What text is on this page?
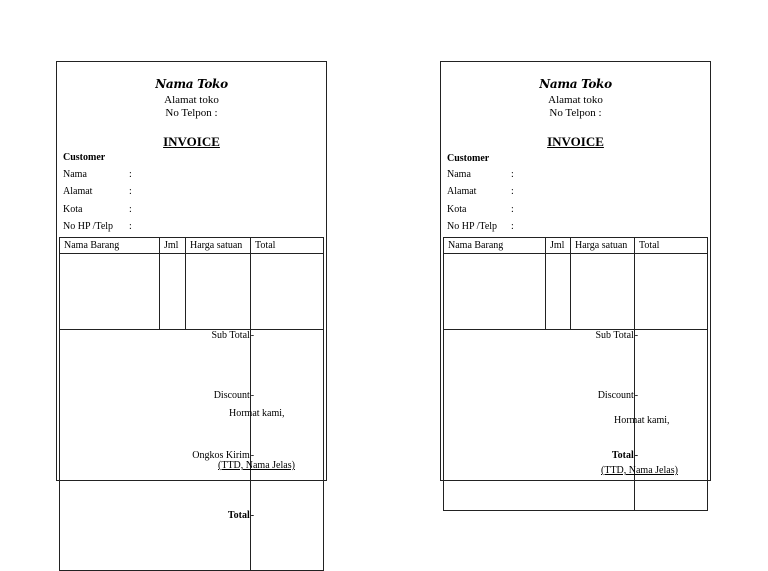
Nama Toko
Alamat toko
No Telpon :
INVOICE
Customer
Nama	:
Alamat	:
Kota	:
No HP /Telp :
Nama Barang	Jml	Harga satuan	Total

Sub Total	-
Discount	-
Ongkos Kirim	-
Total	-
Hormat kami,
(TTD, Nama Jelas)
Nama Toko
Alamat toko
No Telpon :
INVOICE
Customer
Nama	:
Alamat	:
Kota	:
No HP /Telp :
Nama Barang	Jml	Harga satuan	Total

Sub Total	-
Discount	-
Total	-
Hormat kami,
(TTD, Nama Jelas)
